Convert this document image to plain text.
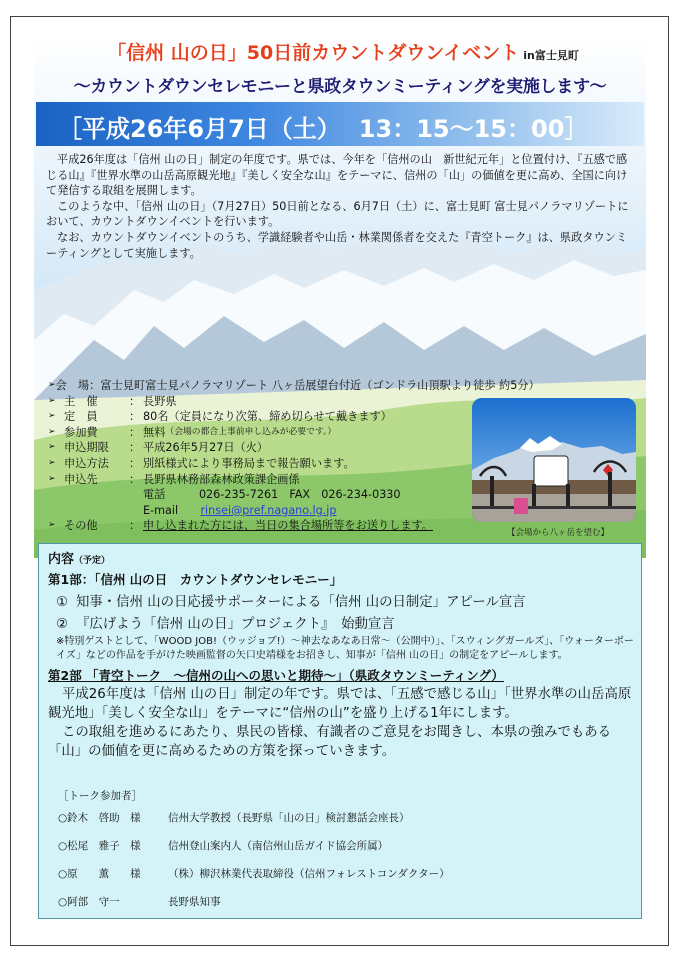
「信州 山の日」50日前カウントダウンイベント in富士見町
〜カウントダウンセレモニーと県政タウンミーティングを実施します〜
［平成26年6月7日（土） 13：15〜15：00］

平成26年度は「信州 山の日」制定の年度です。県では、今年を「信州の山　新世紀元年」と位置付け、『五感で感じる山』『世界水準の山岳高原観光地』『美しく安全な山』をテーマに、信州の「山」の価値を更に高め、全国に向けて発信する取組を展開します。

このような中、「信州 山の日」（7月27日）50日前となる、6月7日（土）に、富士見町 富士見パノラマリゾートにおいて、カウントダウンイベントを行います。

なお、カウントダウンイベントのうち、学識経験者や山岳・林業関係者を交えた『青空トーク』は、県政タウンミーティングとして実施します。

➢ 会　場 ： 富士見町富士見パノラマリゾート 八ヶ岳展望台付近（ゴンドラ山頂駅より徒歩 約5分）
➢ 主　催	： 長野県
➢ 定　員	： 80名（定員になり次第、締め切らせて戴きます）
➢ 参加費	： 無料 （会場の都合上事前申し込みが必要です。）
➢ 申込期限	： 平成26年5月27日（火）
➢ 申込方法	： 別紙様式により事務局まで報告願います。
➢ 申込先	： 長野県林務部森林政策課企画係
電話　　　026-235-7261　FAX　026-234-0330
E-mail　　rinsei@pref.nagano.lg.jp
➢ その他	： 申し込まれた方には、当日の集合場所等をお送りします。
【会場から八ヶ岳を望む】
内容（予定）
第1部：「信州 山の日　カウントダウンセレモニー」
① 知事・信州 山の日応援サポーターによる「信州 山の日制定」アピール宣言
② 『広げよう「信州 山の日」プロジェクト』　始動宣言
※特別ゲストとして、「WOOD JOB!（ウッジョブ!）〜神去なあなあ日常〜（公開中）」、「スウィングガールズ」、「ウォーターボーイズ」などの作品を手がけた映画監督の矢口史靖様をお招きし、知事が「信州 山の日」の制定をアピールします。
第2部 「青空トーク　〜信州の山への思いと期待〜」（県政タウンミーティング）

平成26年度は「信州 山の日」制定の年です。県では、「五感で感じる山」「世界水準の山岳高原観光地」「美しく安全な山」をテーマに“信州の山”を盛り上げる1年にします。

この取組を進めるにあたり、県民の皆様、有識者のご意見をお聞きし、本県の強みでもある「山」の価値を更に高めるための方策を探っていきます。

［トーク参加者］
○鈴木　啓助　様	信州大学教授（長野県「山の日」検討懇話会座長）
○松尾　雅子　様	信州登山案内人（南信州山岳ガイド協会所属）
○原　　薫　　様	（株）柳沢林業代表取締役（信州フォレストコンダクター）
○阿部　守一	長野県知事
